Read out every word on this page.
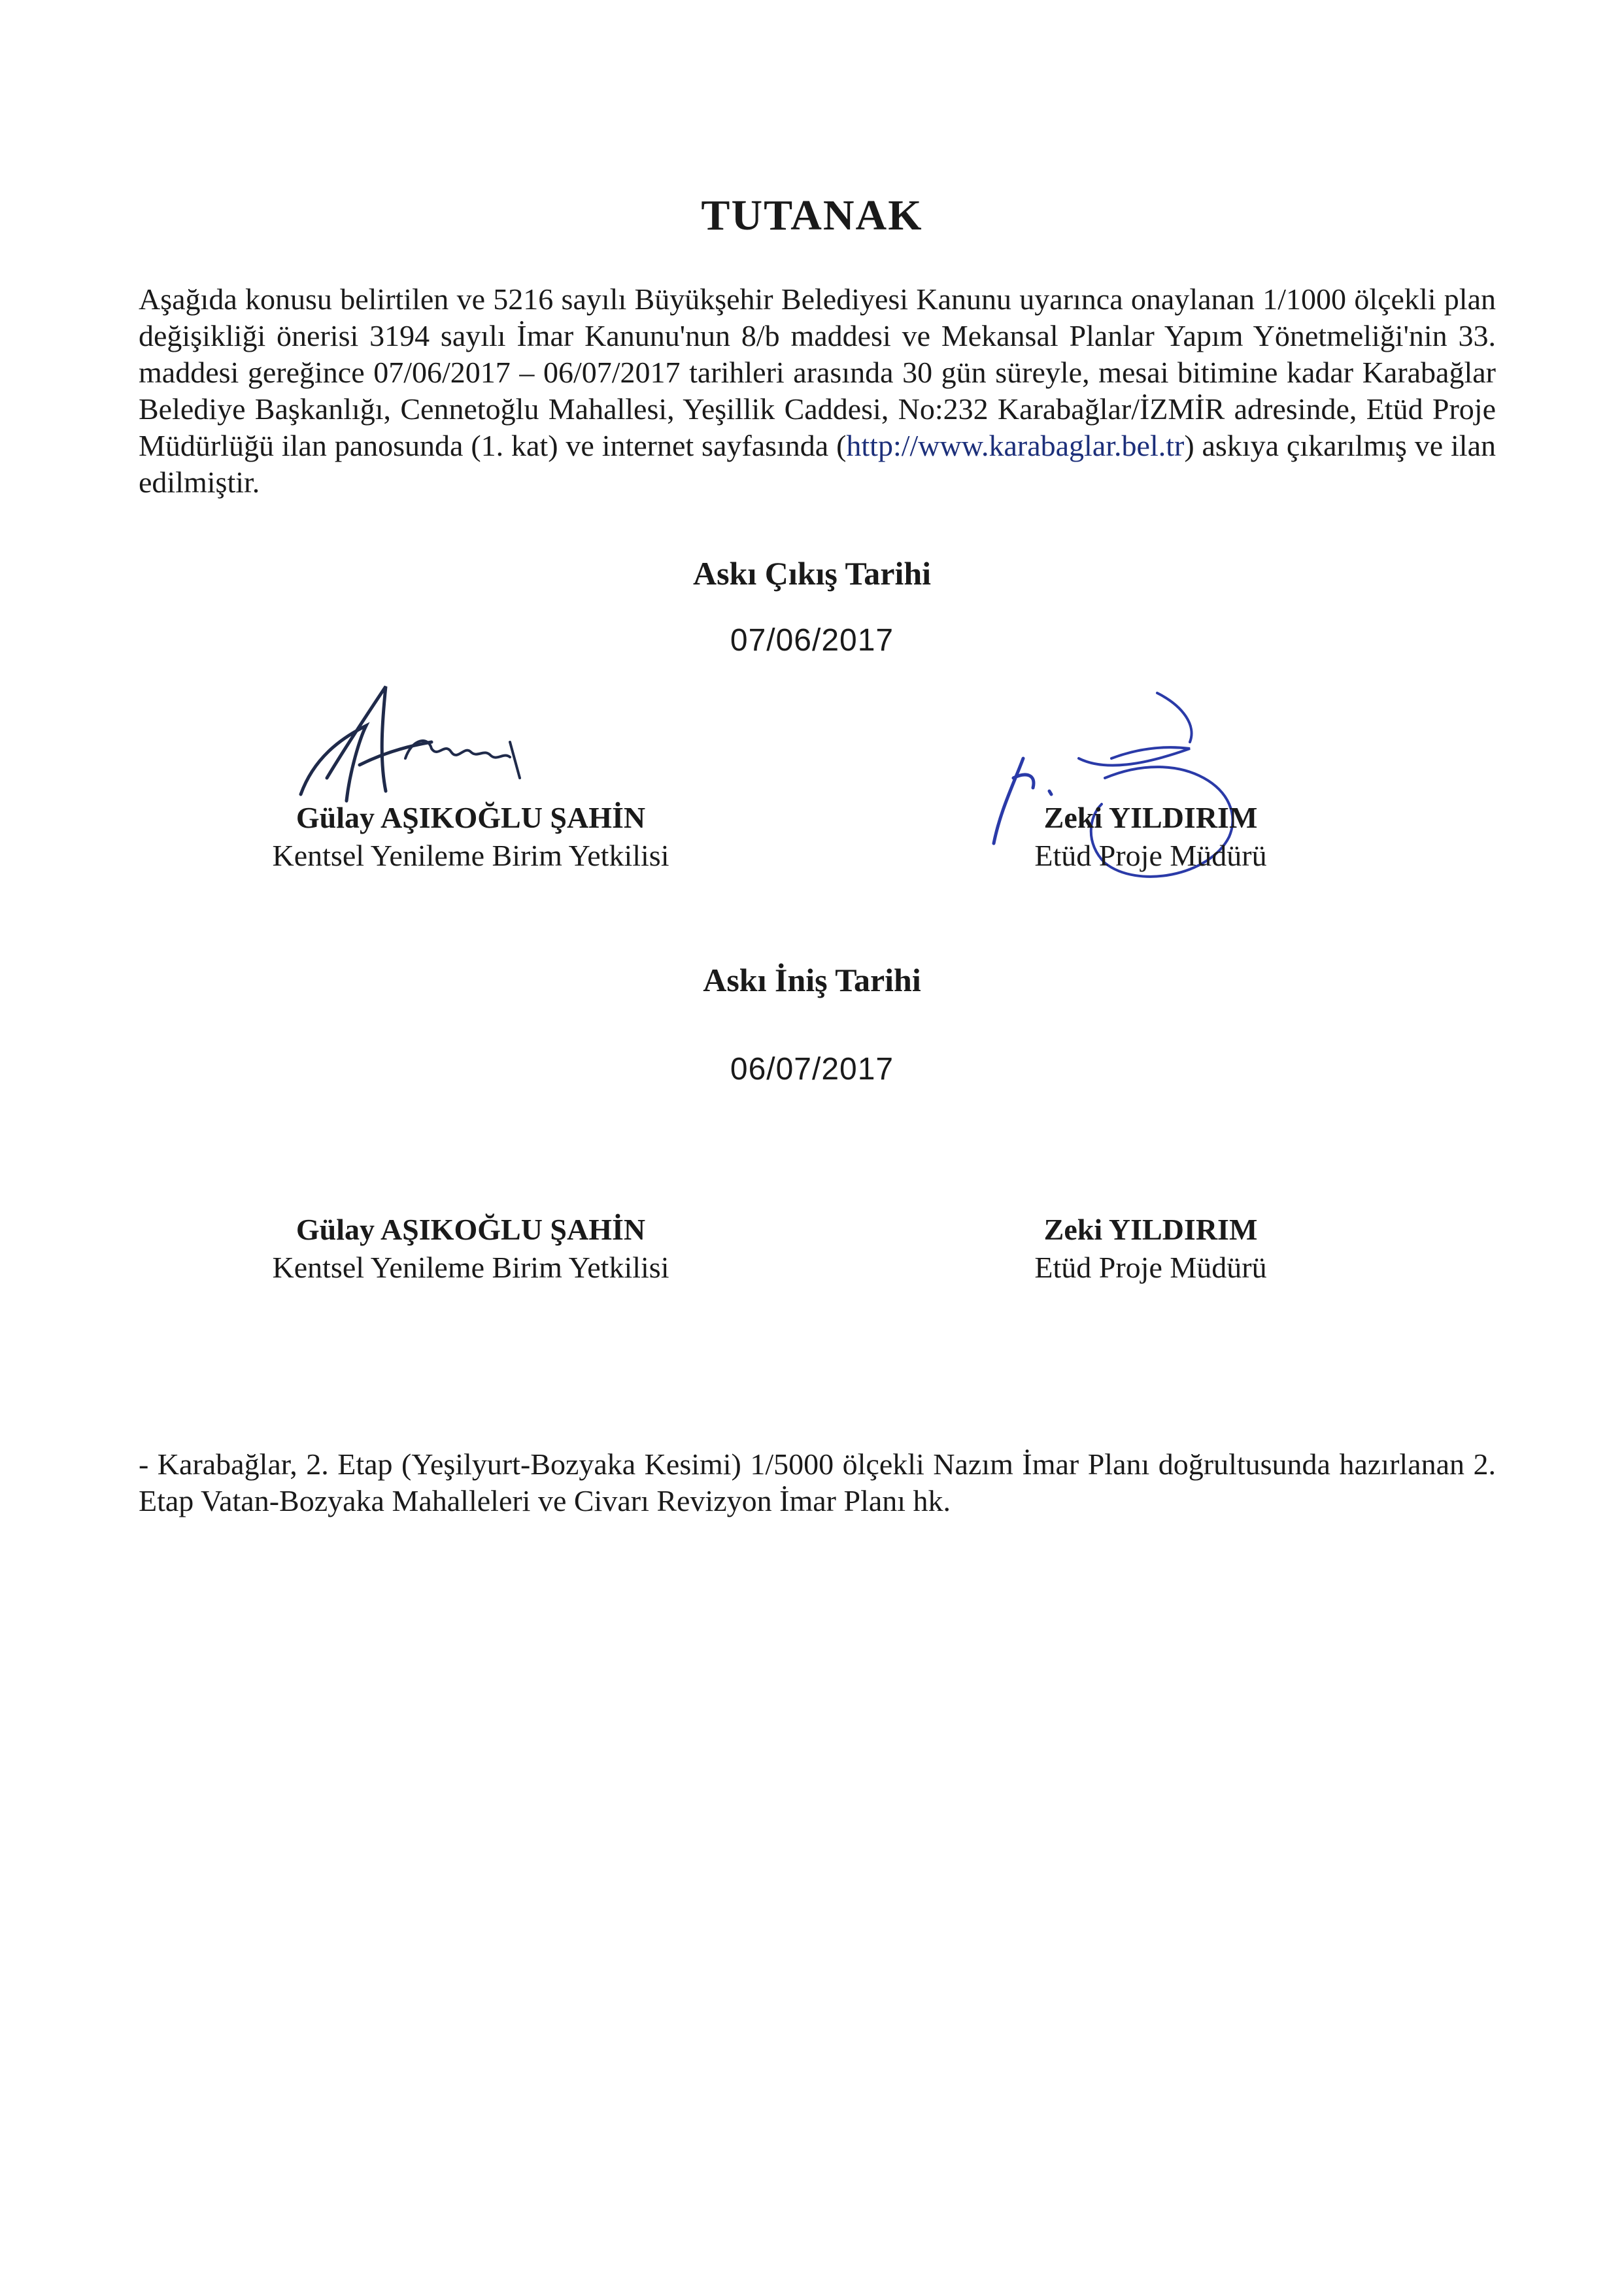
TUTANAK
Aşağıda konusu belirtilen ve 5216 sayılı Büyükşehir Belediyesi Kanunu uyarınca onaylanan 1/1000 ölçekli plan değişikliği önerisi 3194 sayılı İmar Kanunu'nun 8/b maddesi ve Mekansal Planlar Yapım Yönetmeliği'nin 33. maddesi gereğince 07/06/2017 – 06/07/2017 tarihleri arasında 30 gün süreyle, mesai bitimine kadar Karabağlar Belediye Başkanlığı, Cennetoğlu Mahallesi, Yeşillik Caddesi, No:232 Karabağlar/İZMİR adresinde, Etüd Proje Müdürlüğü ilan panosunda (1. kat) ve internet sayfasında (http://www.karabaglar.bel.tr) askıya çıkarılmış ve ilan edilmiştir.
Askı Çıkış Tarihi
07/06/2017
Gülay AŞIKOĞLU ŞAHİN
Kentsel Yenileme Birim Yetkilisi
Zeki YILDIRIM
Etüd Proje Müdürü
Askı İniş Tarihi
06/07/2017
Gülay AŞIKOĞLU ŞAHİN
Kentsel Yenileme Birim Yetkilisi
Zeki YILDIRIM
Etüd Proje Müdürü
- Karabağlar, 2. Etap (Yeşilyurt-Bozyaka Kesimi) 1/5000 ölçekli Nazım İmar Planı doğrultusunda hazırlanan 2. Etap Vatan-Bozyaka Mahalleleri ve Civarı Revizyon İmar Planı hk.
